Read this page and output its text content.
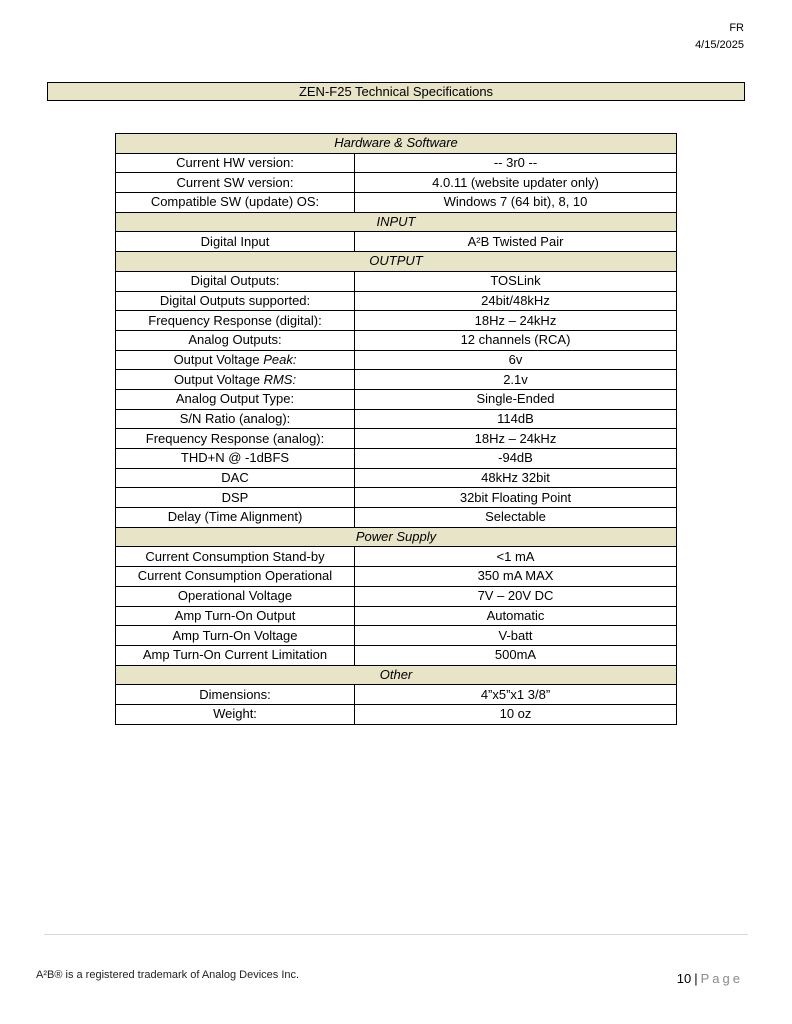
FR
4/15/2025
ZEN-F25 Technical Specifications
Hardware & Software	
Current HW version:	-- 3r0 --
Current SW version:	4.0.11 (website updater only)
Compatible SW (update) OS:	Windows 7 (64 bit), 8, 10
INPUT	
Digital Input	A²B Twisted Pair
OUTPUT	
Digital Outputs:	TOSLink
Digital Outputs supported:	24bit/48kHz
Frequency Response (digital):	18Hz – 24kHz
Analog Outputs:	12 channels (RCA)
Output Voltage Peak:	6v
Output Voltage RMS:	2.1v
Analog Output Type:	Single-Ended
S/N Ratio (analog):	114dB
Frequency Response (analog):	18Hz – 24kHz
THD+N @ -1dBFS	-94dB
DAC	48kHz 32bit
DSP	32bit Floating Point
Delay (Time Alignment)	Selectable
Power Supply	
Current Consumption Stand-by	<1 mA
Current Consumption Operational	350 mA MAX
Operational Voltage	7V – 20V DC
Amp Turn-On Output	Automatic
Amp Turn-On Voltage	V-batt
Amp Turn-On Current Limitation	500mA
Other	
Dimensions:	4”x5”x1 3/8”
Weight:	10 oz
A²B® is a registered trademark of Analog Devices Inc.	10 | Page
